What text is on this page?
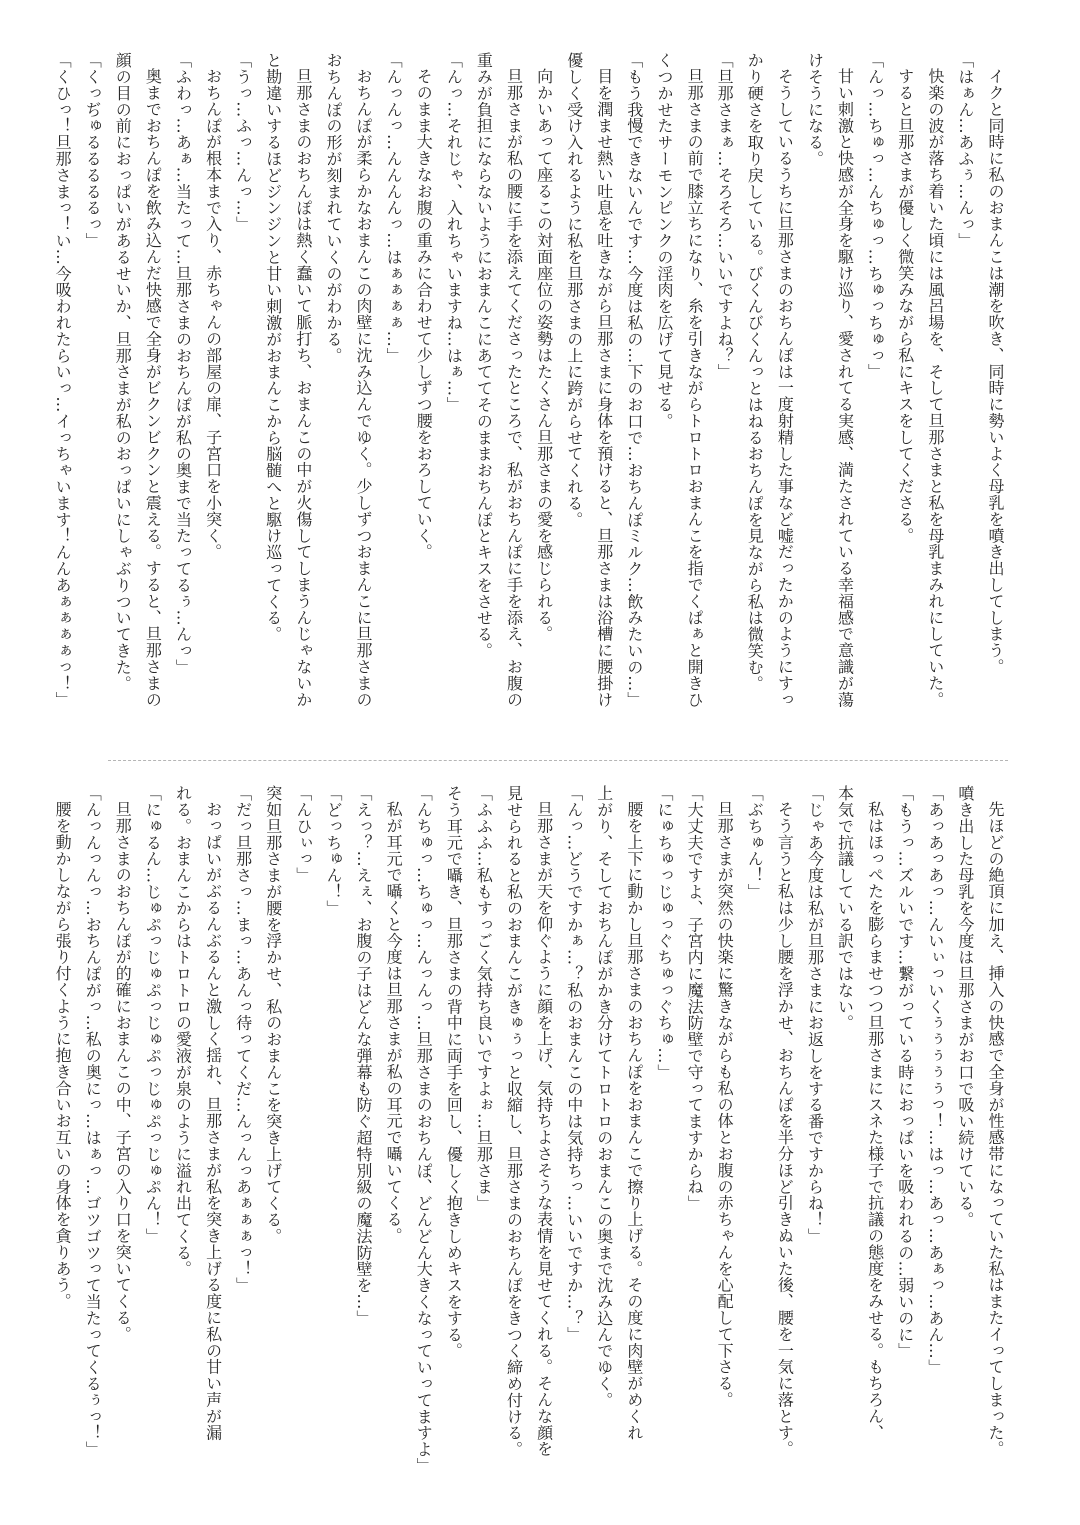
イクと同時に私のおまんこは潮を吹き、同時に勢いよく母乳を噴き出してしまう。
「はぁん…あふぅ…んっ」
快楽の波が落ち着いた頃には風呂場を、そして旦那さまと私を母乳まみれにしていた。
すると旦那さまが優しく微笑みながら私にキスをしてくださる。
「んっ…ちゅっ…んちゅっ…ちゅっちゅっ」
甘い刺激と快感が全身を駆け巡り、愛されてる実感、満たされている幸福感で意識が蕩
けそうになる。
そうしているうちに旦那さまのおちんぽは一度射精した事など嘘だったかのようにすっ
かり硬さを取り戻している。びくんびくんっとはねるおちんぽを見ながら私は微笑む。
「旦那さまぁ…そろそろ…いいですよね？」
旦那さまの前で膝立ちになり、糸を引きながらトロトロおまんこを指でくぱぁと開きひ
くつかせたサーモンピンクの淫肉を広げて見せる。
「もう我慢できないんです…今度は私の…下のお口で…おちんぽミルク…飲みたいの…」
目を潤ませ熱い吐息を吐きながら旦那さまに身体を預けると、旦那さまは浴槽に腰掛け
優しく受け入れるように私を旦那さまの上に跨がらせてくれる。
向かいあって座るこの対面座位の姿勢はたくさん旦那さまの愛を感じられる。
旦那さまが私の腰に手を添えてくださったところで、私がおちんぽに手を添え、お腹の
重みが負担にならないようにおまんこにあててそのままおちんぽとキスをさせる。
「んっ…それじゃ、入れちゃいますね…はぁ…」
そのまま大きなお腹の重みに合わせて少しずつ腰をおろしていく。
「んっんっ…んんんんっ…はぁぁぁぁ…」
おちんぽが柔らかなおまんこの肉壁に沈み込んでゆく。少しずつおまんこに旦那さまの
おちんぽの形が刻まれていくのがわかる。
旦那さまのおちんぽは熱く蠢いて脈打ち、おまんこの中が火傷してしまうんじゃないか
と勘違いするほどジンジンと甘い刺激がおまんこから脳髄へと駆け巡ってくる。
「うっ…ふっ…んっ…」
おちんぽが根本まで入り、赤ちゃんの部屋の扉、子宮口を小突く。
「ふわっ…あぁ…当たって…旦那さまのおちんぽが私の奥まで当たってるぅ…んっ」
奥までおちんぽを飲み込んだ快感で全身がビクンビクンと震える。すると、旦那さまの
顔の目の前におっぱいがあるせいか、旦那さまが私のおっぱいにしゃぶりついてきた。
「くっぢゅるるるるるっ」
「くひっ！旦那さまっ！い…今吸われたらいっ…イっちゃいます！んんあぁぁぁぁっ！」
先ほどの絶頂に加え、挿入の快感で全身が性感帯になっていた私はまたイってしまった。
噴き出した母乳を今度は旦那さまがお口で吸い続けている。
「あっあっあっ…んいぃっいくぅぅぅぅぅっ！…はっ…あっ…あぁっ…あん…」
「もうっ…ズルいです…繋がっている時におっぱいを吸われるの…弱いのに」
私はほっぺたを膨らませつつ旦那さまにスネた様子で抗議の態度をみせる。もちろん、
本気で抗議している訳ではない。
「じゃあ今度は私が旦那さまにお返しをする番ですからね！」
そう言うと私は少し腰を浮かせ、おちんぽを半分ほど引きぬいた後、腰を一気に落とす。
「ぶちゅん！」
旦那さまが突然の快楽に驚きながらも私の体とお腹の赤ちゃんを心配して下さる。
「大丈夫ですよ、子宮内に魔法防壁で守ってますからね」
「にゅちゅっじゅっぐちゅっぐちゅ…」
腰を上下に動かし旦那さまのおちんぽをおまんこで擦り上げる。その度に肉壁がめくれ
上がり、そしておちんぽがかき分けてトロトロのおまんこの奥まで沈み込んでゆく。
「んっ…どうですかぁ…？私のおまんこの中は気持ちっ…いいですか…？」
旦那さまが天を仰ぐように顔を上げ、気持ちよさそうな表情を見せてくれる。そんな顔を
見せられると私のおまんこがきゅぅっと収縮し、旦那さまのおちんぽをきつく締め付ける。
「ふふふ…私もすっごく気持ち良いですよぉ…旦那さま」
そう耳元で囁き、旦那さまの背中に両手を回し、優しく抱きしめキスをする。
「んちゅっ…ちゅっ…んっんっ…旦那さまのおちんぽ、どんどん大きくなっていってますよ」
私が耳元で囁くと今度は旦那さまが私の耳元で囁いてくる。
「えっ？…えぇ、お腹の子はどんな弾幕も防ぐ超特別級の魔法防壁を…」
「どっちゅん！」
「んひぃっ」
突如旦那さまが腰を浮かせ、私のおまんこを突き上げてくる。
「だっ旦那さっ…まっ…あんっ待ってくだ…んっんっあぁぁぁっ！」
おっぱいがぶるんぶるんと激しく揺れ、旦那さまが私を突き上げる度に私の甘い声が漏
れる。おまんこからはトロトロの愛液が泉のように溢れ出てくる。
「にゅるん…じゅぷっじゅぷっじゅぷっじゅぷっじゅぷん！」
旦那さまのおちんぽが的確におまんこの中、子宮の入り口を突いてくる。
「んっんっんっ…おちんぽがっ…私の奥にっ…はぁっ…ゴツゴツって当たってくるぅっ！」
腰を動かしながら張り付くように抱き合いお互いの身体を貪りあう。
